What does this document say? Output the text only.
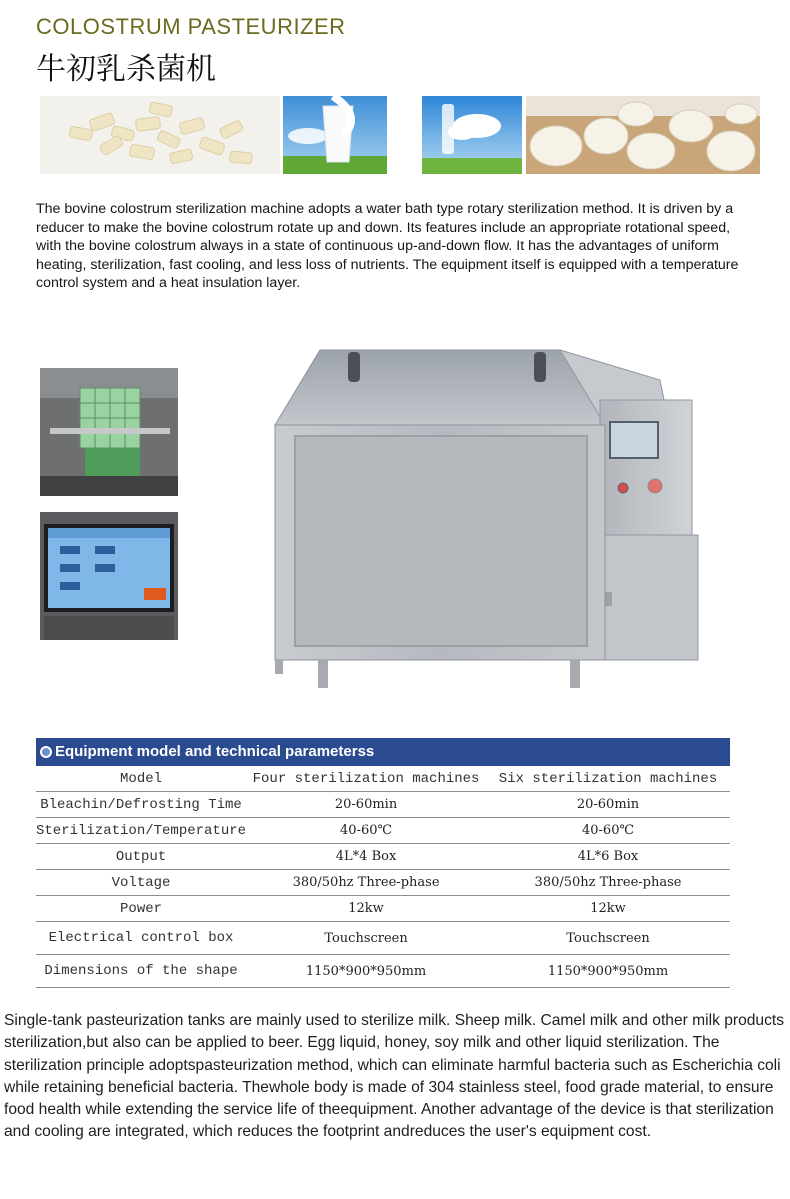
COLOSTRUM PASTEURIZER
牛初乳杀菌机
The bovine colostrum sterilization machine adopts a water bath type rotary sterilization method. It is driven by a reducer to make the bovine colostrum rotate up and down. Its features include an appropriate rotational speed, with the bovine colostrum always in a state of continuous up-and-down flow. It has the advantages of uniform heating, sterilization, fast cooling, and less loss of nutrients. The equipment itself is equipped with a temperature control system and a heat insulation layer.
Equipment model and technical parameterss
Model	Four sterilization machines	Six sterilization machines
Bleachin/Defrosting Time	20-60min	20-60min
Sterilization/Temperature	40-60℃	40-60℃
Output	4L*4 Box	4L*6 Box
Voltage	380/50hz Three-phase	380/50hz Three-phase
Power	12kw	12kw
Electrical control box	Touchscreen	Touchscreen
Dimensions of the shape	1150*900*950mm	1150*900*950mm
Single-tank pasteurization tanks are mainly used to sterilize milk. Sheep milk. Camel milk and other milk products sterilization,but also can be applied to beer. Egg liquid, honey, soy milk and other liquid sterilization. The sterilization principle adoptspasteurization method, which can eliminate harmful bacteria such as Escherichia coli while retaining beneficial bacteria. Thewhole body is made of 304 stainless steel, food grade material, to ensure food health while extending the service life of theequipment. Another advantage of the device is that sterilization and cooling are integrated, which reduces the footprint andreduces the user's equipment cost.
